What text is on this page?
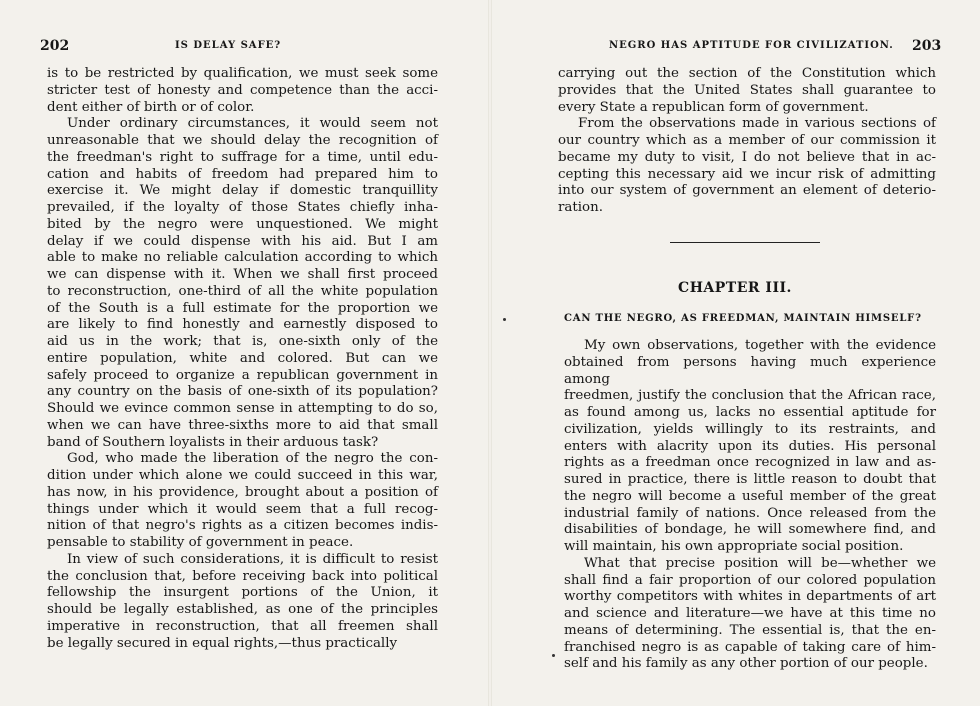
202	IS DELAY SAFE?

is to be restricted by qualification, we must seek some

stricter test of honesty and competence than the acci-

dent either of birth or of color.

Under ordinary circumstances, it would seem not

unreasonable that we should delay the recognition of

the freedman's right to suffrage for a time, until edu-

cation and habits of freedom had prepared him to

exercise it. We might delay if domestic tranquillity

prevailed, if the loyalty of those States chiefly inha-

bited by the negro were unquestioned. We might

delay if we could dispense with his aid. But I am

able to make no reliable calculation according to which

we can dispense with it. When we shall first proceed

to reconstruction, one-third of all the white population

of the South is a full estimate for the proportion we

are likely to find honestly and earnestly disposed to

aid us in the work; that is, one-sixth only of the

entire population, white and colored. But can we

safely proceed to organize a republican government in

any country on the basis of one-sixth of its population?

Should we evince common sense in attempting to do so,

when we can have three-sixths more to aid that small

band of Southern loyalists in their arduous task?

God, who made the liberation of the negro the con-

dition under which alone we could succeed in this war,

has now, in his providence, brought about a position of

things under which it would seem that a full recog-

nition of that negro's rights as a citizen becomes indis-

pensable to stability of government in peace.

In view of such considerations, it is difficult to resist

the conclusion that, before receiving back into political

fellowship the insurgent portions of the Union, it

should be legally established, as one of the principles

imperative in reconstruction, that all freemen shall

be legally secured in equal rights,—thus practically

NEGRO HAS APTITUDE FOR CIVILIZATION. 203

carrying out the section of the Constitution which

provides that the United States shall guarantee to

every State a republican form of government.

From the observations made in various sections of

our country which as a member of our commission it

became my duty to visit, I do not believe that in ac-

cepting this necessary aid we incur risk of admitting

into our system of government an element of deterio-

ration.

CHAPTER III.
CAN THE NEGRO, AS FREEDMAN, MAINTAIN HIMSELF?

My own observations, together with the evidence

obtained from persons having much experience among

freedmen, justify the conclusion that the African race,

as found among us, lacks no essential aptitude for

civilization, yields willingly to its restraints, and

enters with alacrity upon its duties. His personal

rights as a freedman once recognized in law and as-

sured in practice, there is little reason to doubt that

the negro will become a useful member of the great

industrial family of nations. Once released from the

disabilities of bondage, he will somewhere find, and

will maintain, his own appropriate social position.

What that precise position will be—whether we

shall find a fair proportion of our colored population

worthy competitors with whites in departments of art

and science and literature—we have at this time no

means of determining. The essential is, that the en-

franchised negro is as capable of taking care of him-

self and his family as any other portion of our people.
